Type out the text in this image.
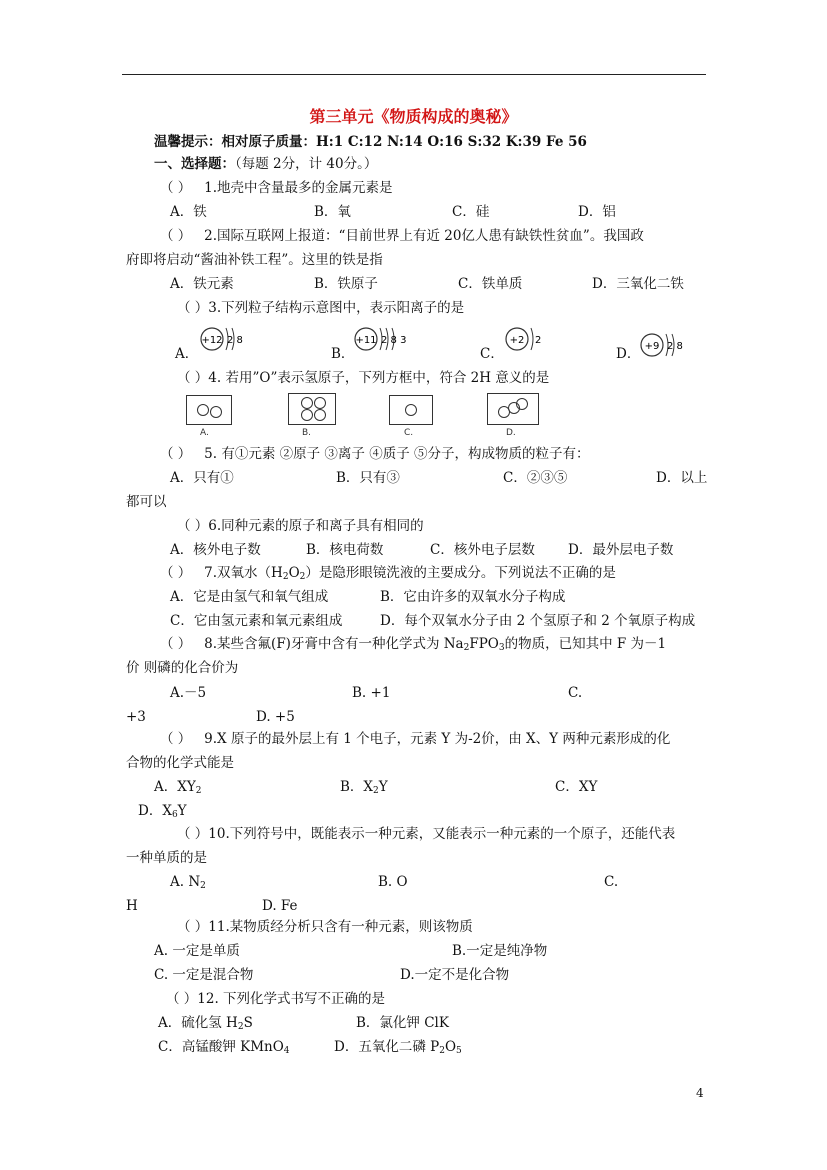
第三单元《物质构成的奥秘》
温馨提示：相对原子质量：H:1 C:12 N:14 O:16 S:32 K:39 Fe 56
一、选择题：（每题 2分，计 40分。）
（ ） 1.地壳中含量最多的金属元素是
A．铁	B．氧	C．硅	D．铝
（ ） 2.国际互联网上报道：“目前世界上有近 20亿人患有缺铁性贫血”。我国政
府即将启动“酱油补铁工程”。这里的铁是指
A．铁元素	B．铁原子	C．铁单质	D．三氧化二铁
（ ）3.下列粒子结构示意图中，表示阳离子的是
A．	B．	C．	D．
+12 2 8	+11 2 8 3	+2 2
+9 2 8
（ ）4. 若用”O”表示氢原子，下列方框中，符合 2H 意义的是
A.	B.	C.	D.
（ ） 5. 有①元素 ②原子 ③离子 ④质子 ⑤分子，构成物质的粒子有：
A．只有①	B．只有③	C．②③⑤	D．以上
都可以
（ ）6.同种元素的原子和离子具有相同的
A．核外电子数	B．核电荷数	C．核外电子层数 D．最外层电子数
（ ） 7.双氧水$(H_2O_2)$是隐形眼镜洗液的主要成分。下列说法不正确的是
A．它是由氢气和氧气组成	B．它由许多的双氧水分子构成
C．它由氢元素和氧元素组成	D．每个双氧水分子由 2 个氢原子和 2 个氧原子构成
（ ） 8.某些含氟(F)牙膏中含有一种化学式为 $Na_2FPO_3$的物质，已知其中 F 为－1
价 则磷的化合价为
A.－5	B. +1	C.
+3	D. +5
（ ） 9.X 原子的最外层上有 1 个电子，元素 Y 为-2价，由 X、Y 两种元素形成的化
合物的化学式能是
A．$XY_2$	B．$X_2Y$	C．XY
D．$X_6Y$
（ ）10.下列符号中，既能表示一种元素，又能表示一种元素的一个原子，还能代表
一种单质的是
A. $N_2$	B. O	C.
H	D. Fe
（ ）11.某物质经分析只含有一种元素，则该物质
A. 一定是单质	B.一定是纯净物
C. 一定是混合物	D.一定不是化合物
（ ）12. 下列化学式书写不正确的是
A．硫化氢 $H_2S$	B．氯化钾 ClK
C．高锰酸钾 KMnO$_4$	D．五氧化二磷 $P_2O_5$
4
